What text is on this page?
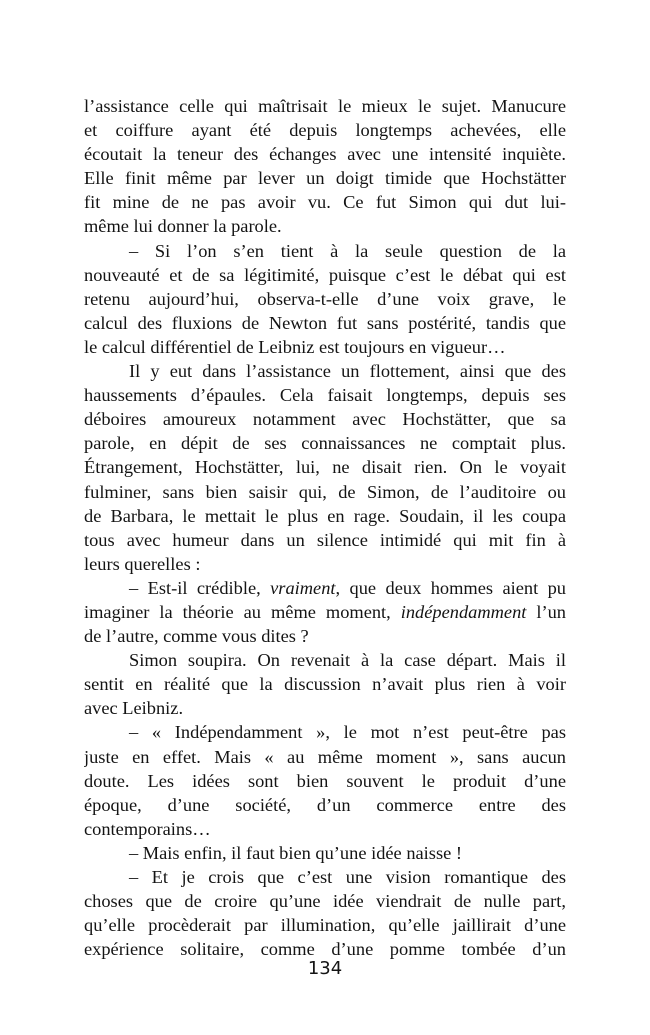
l’assistance celle qui maîtrisait le mieux le sujet. Manucure
et coiffure ayant été depuis longtemps achevées, elle
écoutait la teneur des échanges avec une intensité inquiète.
Elle finit même par lever un doigt timide que Hochstätter
fit mine de ne pas avoir vu. Ce fut Simon qui dut lui-
même lui donner la parole.
– Si l’on s’en tient à la seule question de la
nouveauté et de sa légitimité, puisque c’est le débat qui est
retenu aujourd’hui, observa-t-elle d’une voix grave, le
calcul des fluxions de Newton fut sans postérité, tandis que
le calcul différentiel de Leibniz est toujours en vigueur…
Il y eut dans l’assistance un flottement, ainsi que des
haussements d’épaules. Cela faisait longtemps, depuis ses
déboires amoureux notamment avec Hochstätter, que sa
parole, en dépit de ses connaissances ne comptait plus.
Étrangement, Hochstätter, lui, ne disait rien. On le voyait
fulminer, sans bien saisir qui, de Simon, de l’auditoire ou
de Barbara, le mettait le plus en rage. Soudain, il les coupa
tous avec humeur dans un silence intimidé qui mit fin à
leurs querelles :
– Est-il crédible, vraiment, que deux hommes aient pu
imaginer la théorie au même moment, indépendamment l’un
de l’autre, comme vous dites ?
Simon soupira. On revenait à la case départ. Mais il
sentit en réalité que la discussion n’avait plus rien à voir
avec Leibniz.
– « Indépendamment », le mot n’est peut-être pas
juste en effet. Mais « au même moment », sans aucun
doute. Les idées sont bien souvent le produit d’une
époque, d’une société, d’un commerce entre des
contemporains…
– Mais enfin, il faut bien qu’une idée naisse !
– Et je crois que c’est une vision romantique des
choses que de croire qu’une idée viendrait de nulle part,
qu’elle procèderait par illumination, qu’elle jaillirait d’une
expérience solitaire, comme d’une pomme tombée d’un
134
